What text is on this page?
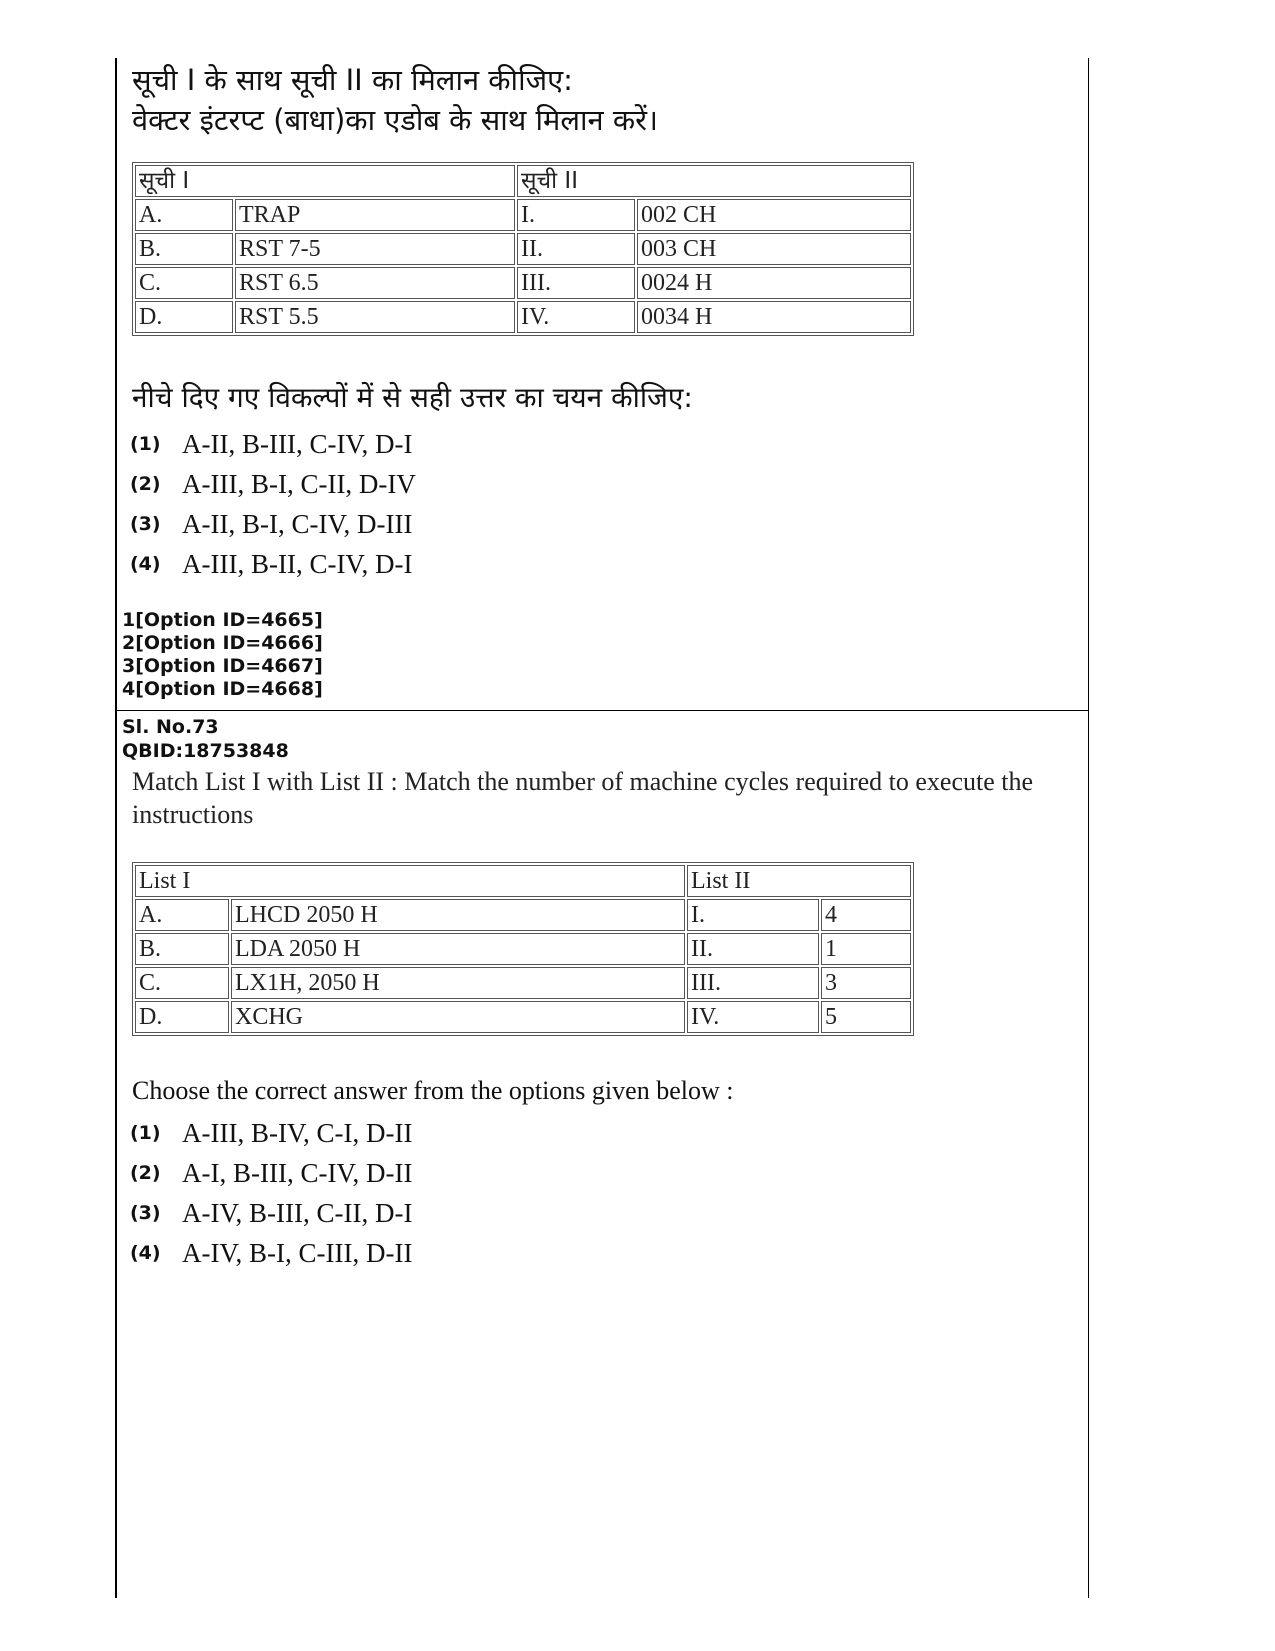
सूची I के साथ सूची II का मिलान कीजिए:
वेक्टर इंटरप्ट (बाधा)का एडोब के साथ मिलान करें।
सूची I		सूची II	
A.	TRAP	I.	002 CH
B.	RST 7-5	II.	003 CH
C.	RST 6.5	III.	0024 H
D.	RST 5.5	IV.	0034 H
नीचे दिए गए विकल्पों में से सही उत्तर का चयन कीजिए:
(1) A-II, B-III, C-IV, D-I
(2) A-III, B-I, C-II, D-IV
(3) A-II, B-I, C-IV, D-III
(4) A-III, B-II, C-IV, D-I
1[Option ID=4665]
2[Option ID=4666]
3[Option ID=4667]
4[Option ID=4668]
Sl. No.73
QBID:18753848
Match List I with List II : Match the number of machine cycles required to execute the instructions
List I		List II	
A.	LHCD 2050 H	I.	4
B.	LDA 2050 H	II.	1
C.	LX1H, 2050 H	III.	3
D.	XCHG	IV.	5
Choose the correct answer from the options given below :
(1) A-III, B-IV, C-I, D-II
(2) A-I, B-III, C-IV, D-II
(3) A-IV, B-III, C-II, D-I
(4) A-IV, B-I, C-III, D-II
